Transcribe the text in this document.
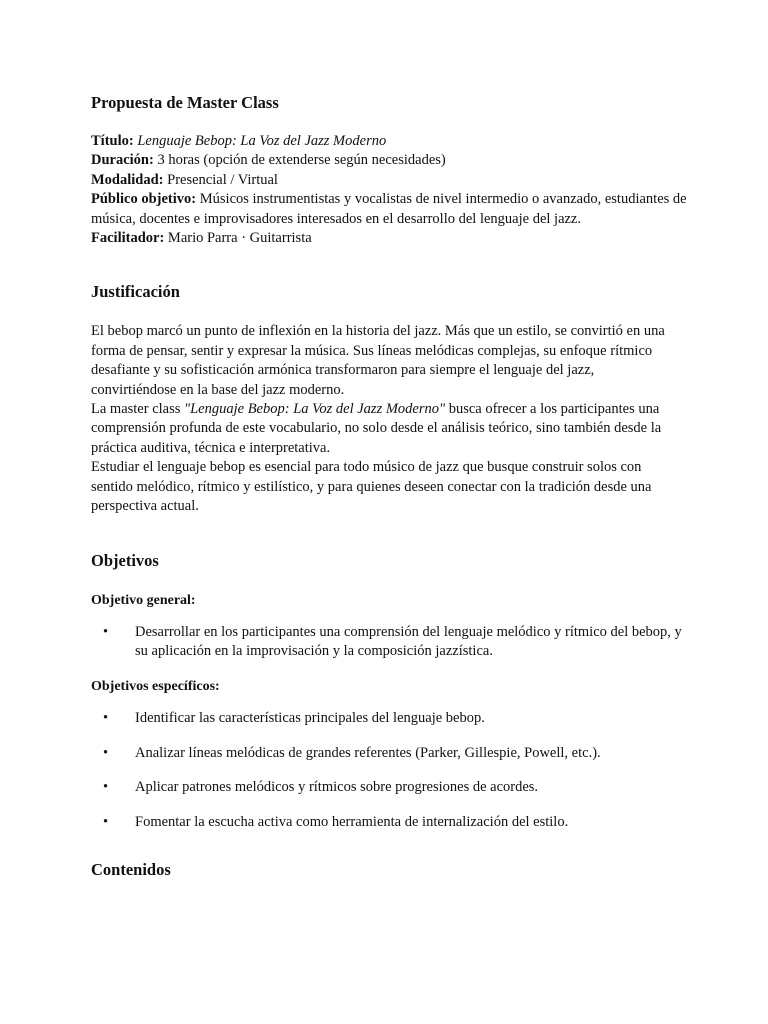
Propuesta de Master Class

Título: Lenguaje Bebop: La Voz del Jazz Moderno

Duración: 3 horas (opción de extenderse según necesidades)

Modalidad: Presencial / Virtual

Público objetivo: Músicos instrumentistas y vocalistas de nivel intermedio o avanzado, estudiantes de música, docentes e improvisadores interesados en el desarrollo del lenguaje del jazz.

Facilitador: Mario Parra · Guitarrista

Justificación

El bebop marcó un punto de inflexión en la historia del jazz. Más que un estilo, se convirtió en una forma de pensar, sentir y expresar la música. Sus líneas melódicas complejas, su enfoque rítmico desafiante y su sofisticación armónica transformaron para siempre el lenguaje del jazz, convirtiéndose en la base del jazz moderno.

La master class "Lenguaje Bebop: La Voz del Jazz Moderno" busca ofrecer a los participantes una comprensión profunda de este vocabulario, no solo desde el análisis teórico, sino también desde la práctica auditiva, técnica e interpretativa.

Estudiar el lenguaje bebop es esencial para todo músico de jazz que busque construir solos con sentido melódico, rítmico y estilístico, y para quienes deseen conectar con la tradición desde una perspectiva actual.

Objetivos
Objetivo general:
• Desarrollar en los participantes una comprensión del lenguaje melódico y rítmico del bebop, y su aplicación en la improvisación y la composición jazzística.
Objetivos específicos:
• Identificar las características principales del lenguaje bebop.
• Analizar líneas melódicas de grandes referentes (Parker, Gillespie, Powell, etc.).
• Aplicar patrones melódicos y rítmicos sobre progresiones de acordes.
• Fomentar la escucha activa como herramienta de internalización del estilo.
Contenidos
